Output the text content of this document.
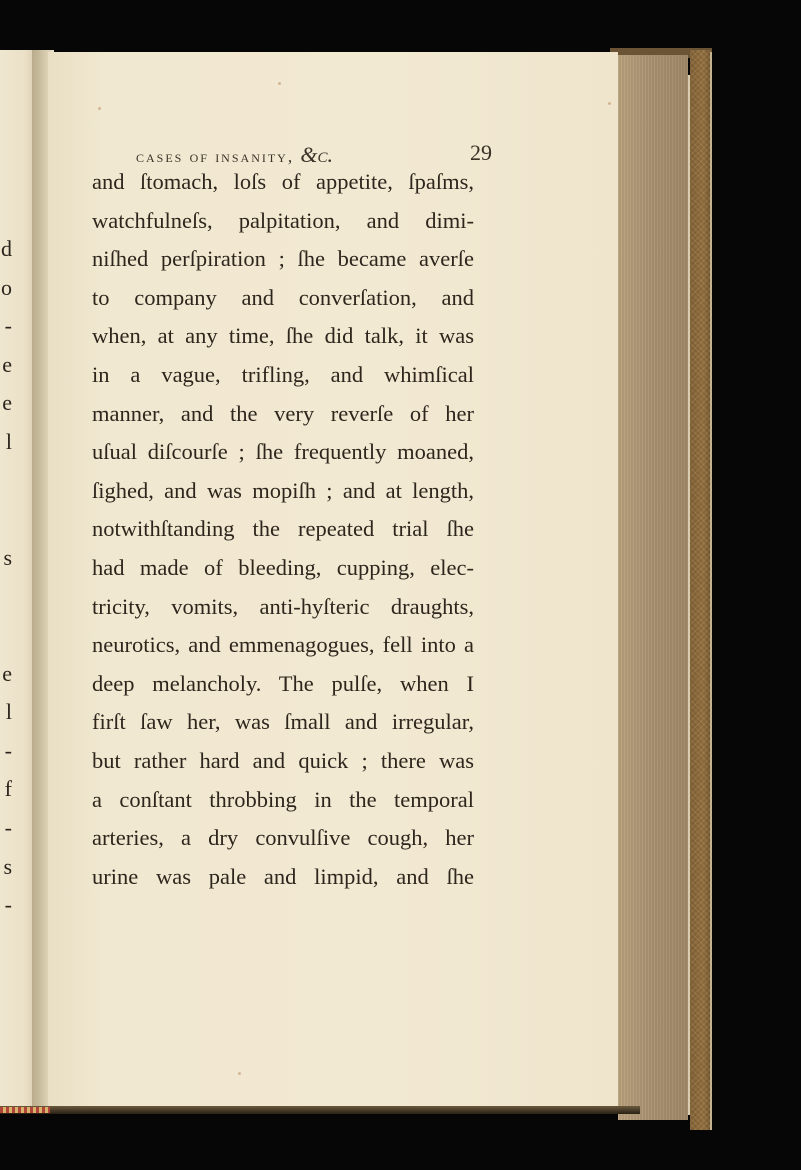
d
o
-
e
e
l
s
e
l
-
f
-
s
-
cases of insanity, &c.	29
and ſtomach, loſs of appetite, ſpaſms,
watchfulneſs, palpitation, and dimi-
niſhed perſpiration ; ſhe became averſe
to company and converſation, and
when, at any time, ſhe did talk, it was
in a vague, trifling, and whimſical
manner, and the very reverſe of her
uſual diſcourſe ; ſhe frequently moaned,
ſighed, and was mopiſh ; and at length,
notwithſtanding the repeated trial ſhe
had made of bleeding, cupping, elec-
tricity, vomits, anti-hyſteric draughts,
neurotics, and emmenagogues, fell into a
deep melancholy. The pulſe, when I
firſt ſaw her, was ſmall and irregular,
but rather hard and quick ; there was
a conſtant throbbing in the temporal
arteries, a dry convulſive cough, her
urine was pale and limpid, and ſhe
